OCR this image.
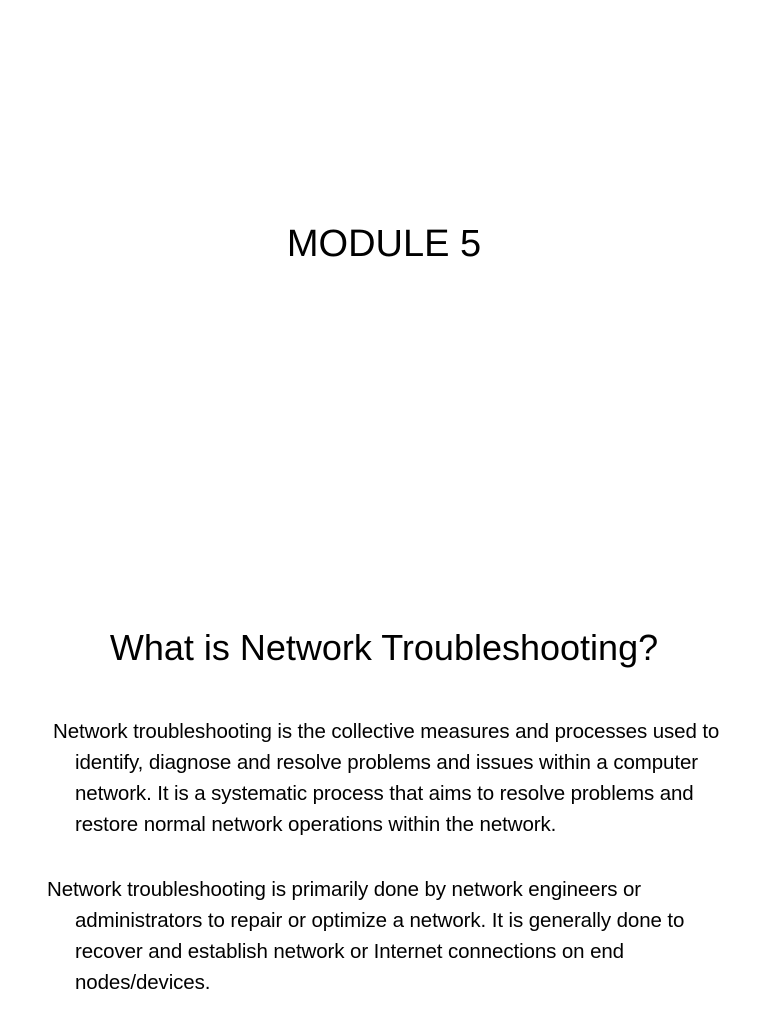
MODULE 5
What is Network Troubleshooting?

Network troubleshooting is the collective measures and processes used to identify, diagnose and resolve problems and issues within a computer network. It is a systematic process that aims to resolve problems and restore normal network operations within the network.

Network troubleshooting is primarily done by network engineers or administrators to repair or optimize a network. It is generally done to recover and establish network or Internet connections on end nodes/devices.
